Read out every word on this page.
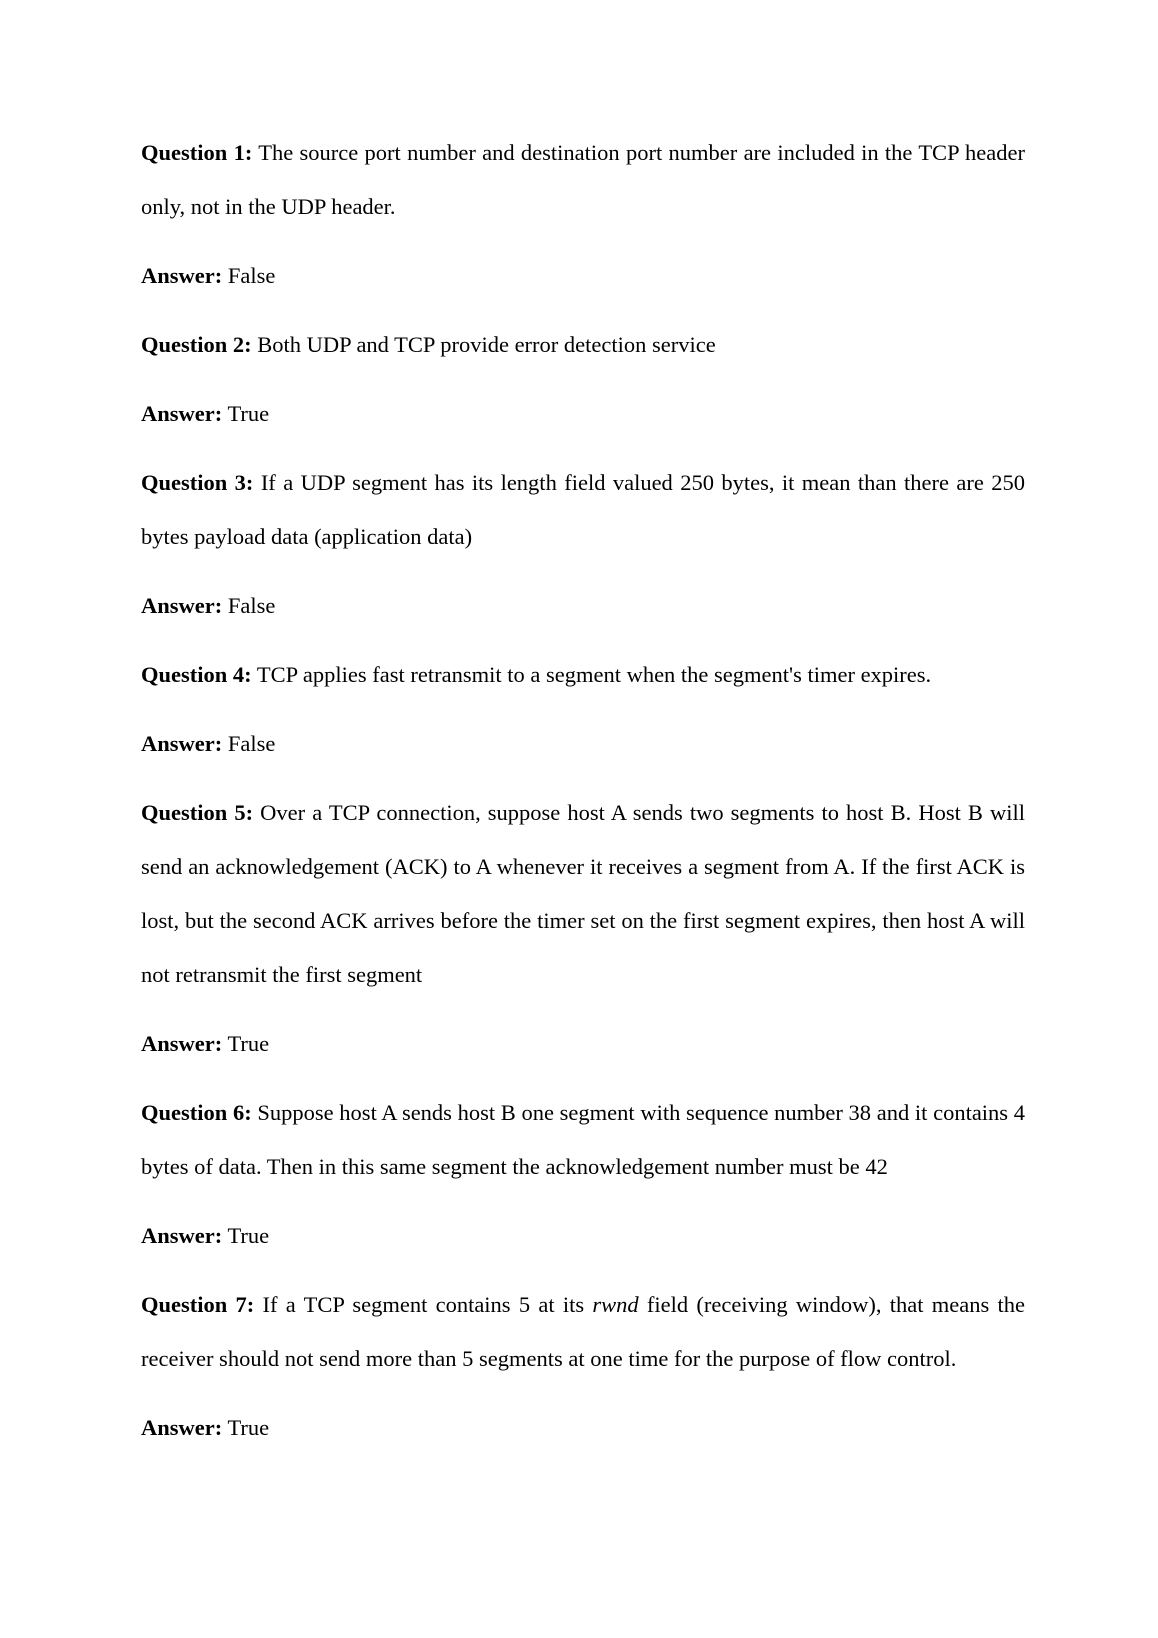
Question 1: The source port number and destination port number are included in the TCP header only, not in the UDP header.

Answer: False

Question 2: Both UDP and TCP provide error detection service

Answer: True

Question 3: If a UDP segment has its length field valued 250 bytes, it mean than there are 250 bytes payload data (application data)

Answer: False

Question 4: TCP applies fast retransmit to a segment when the segment's timer expires.

Answer: False

Question 5: Over a TCP connection, suppose host A sends two segments to host B. Host B will send an acknowledgement (ACK) to A whenever it receives a segment from A. If the first ACK is lost, but the second ACK arrives before the timer set on the first segment expires, then host A will not retransmit the first segment

Answer: True

Question 6: Suppose host A sends host B one segment with sequence number 38 and it contains 4 bytes of data. Then in this same segment the acknowledgement number must be 42

Answer: True

Question 7: If a TCP segment contains 5 at its rwnd field (receiving window), that means the receiver should not send more than 5 segments at one time for the purpose of flow control.

Answer: True
